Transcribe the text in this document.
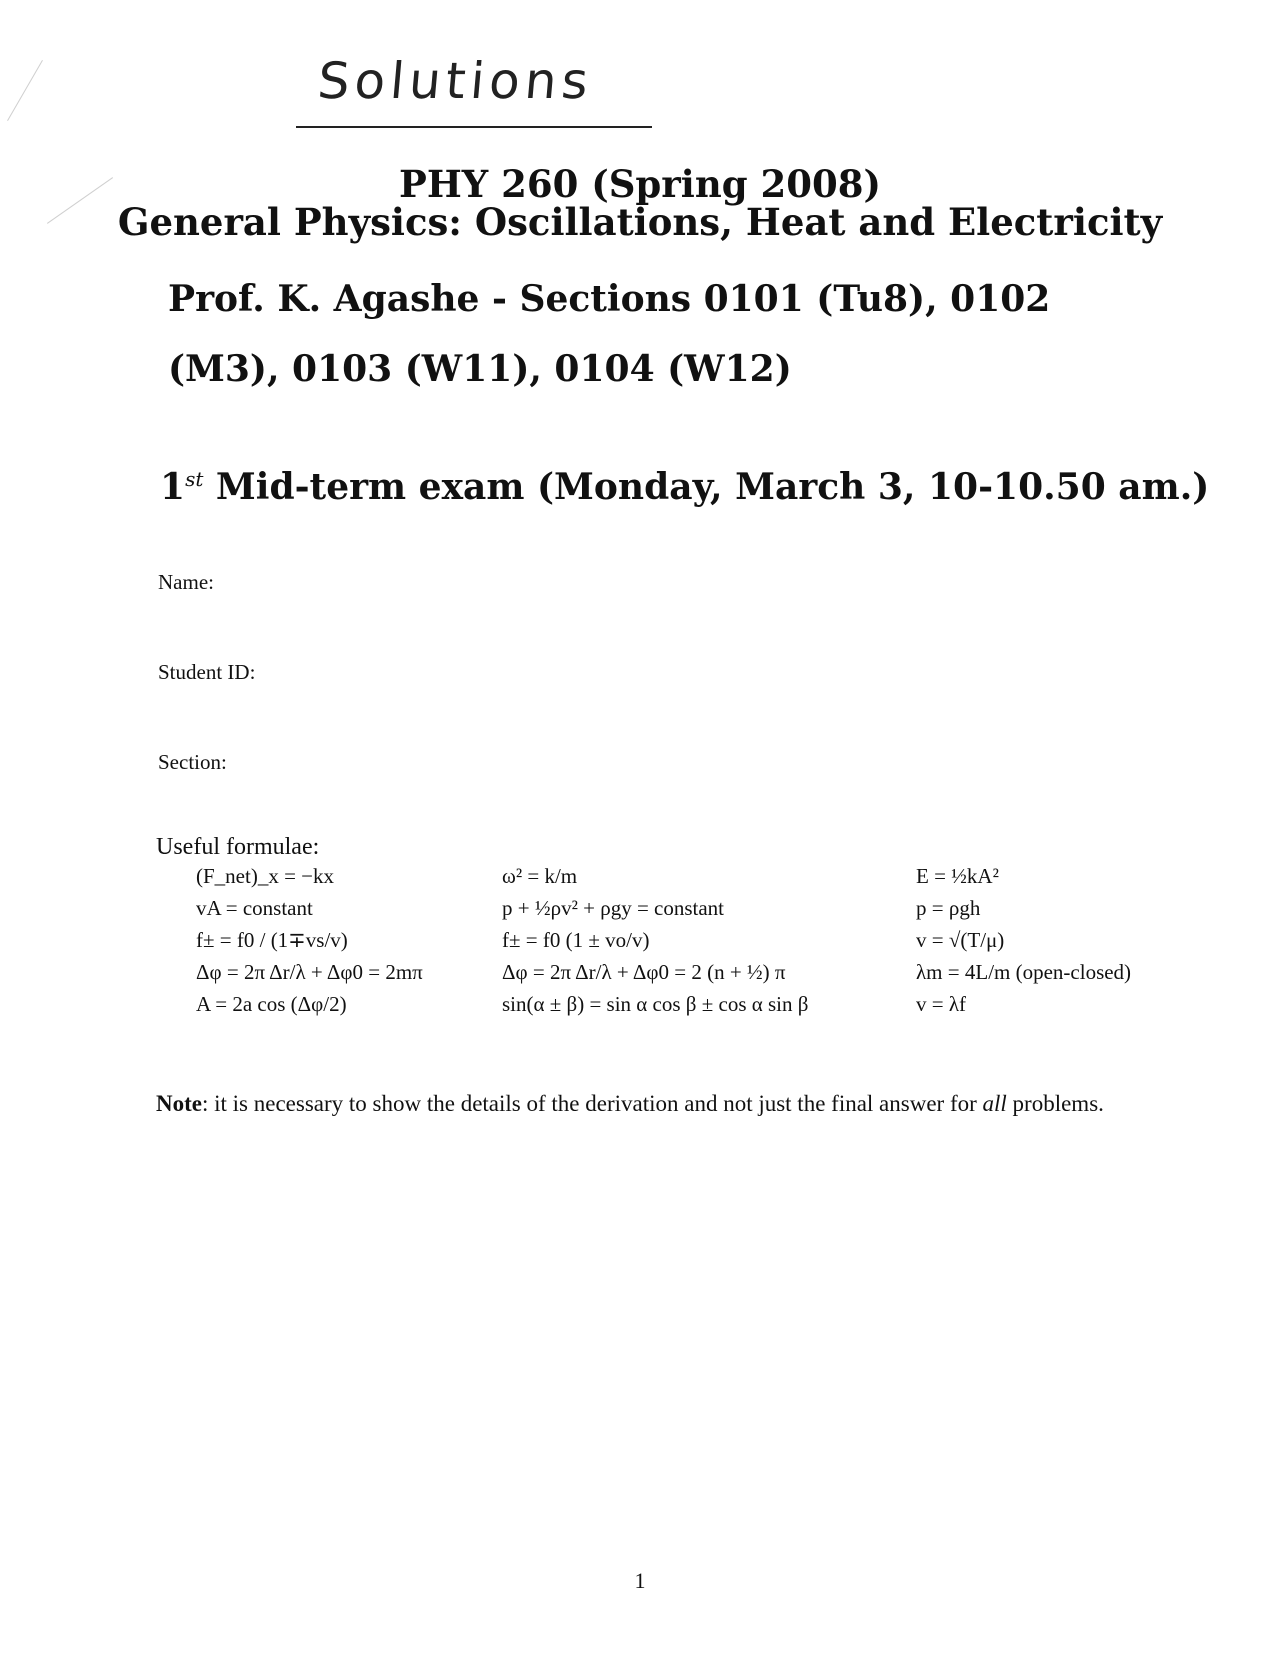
Solutions
PHY 260 (Spring 2008)
General Physics: Oscillations, Heat and Electricity
Prof. K. Agashe - Sections 0101 (Tu8), 0102 (M3), 0103 (W11), 0104 (W12)
1st Mid-term exam (Monday, March 3, 10-10.50 am.)
Name:
Student ID:
Section:
Useful formulae:
(F_net)_x = −kx	ω² = k/m	E = ½kA²
vA = constant	p + ½ρv² + ρgy = constant	p = ρgh
f± = f0 / (1∓vs/v)	f± = f0 (1 ± vo/v)	v = √(T/μ)
Δφ = 2π Δr/λ + Δφ0 = 2mπ	Δφ = 2π Δr/λ + Δφ0 = 2 (n + ½) π	λm = 4L/m (open-closed)
A = 2a cos (Δφ/2)	sin(α ± β) = sin α cos β ± cos α sin β	v = λf
Note: it is necessary to show the details of the derivation and not just the final answer for all problems.
1
